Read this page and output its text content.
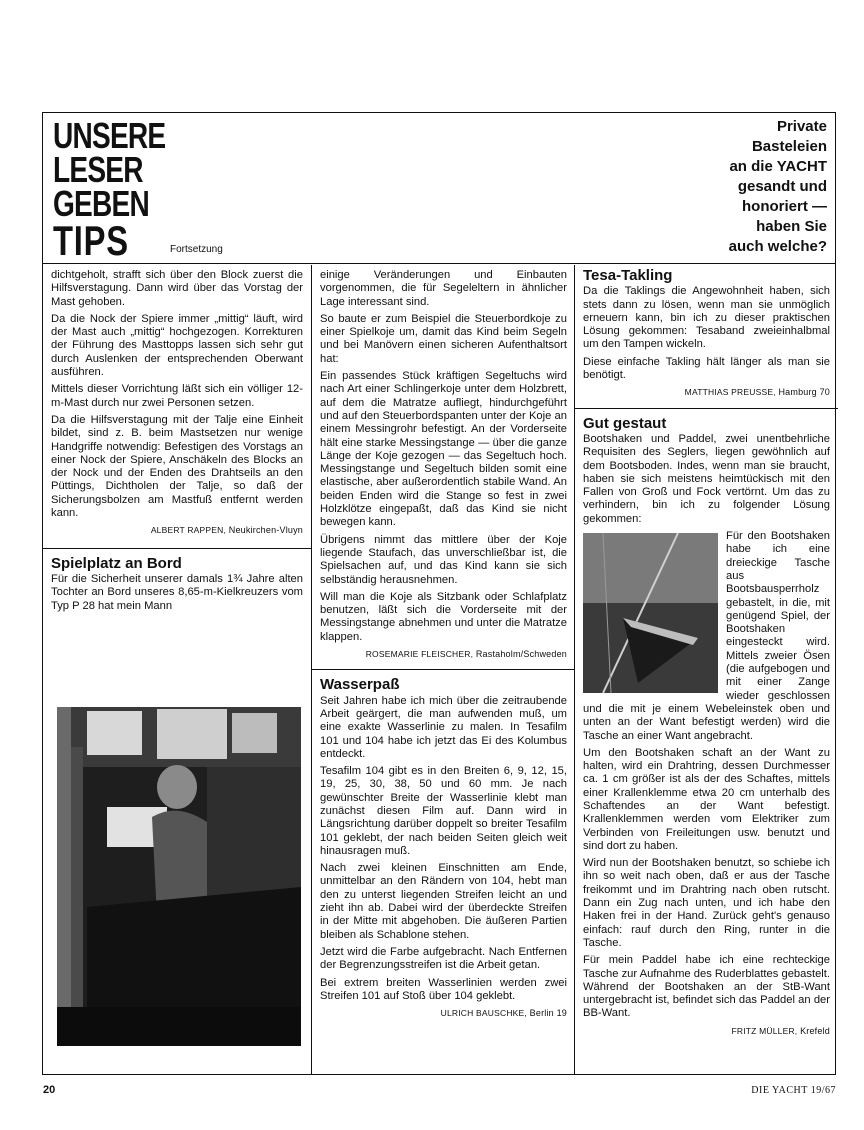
UNSERE
LESER
GEBEN
TIPS	Fortsetzung
Private
Basteleien
an die YACHT
gesandt und
honoriert —
haben Sie
auch welche?

dichtgeholt, strafft sich über den Block zuerst die Hilfsverstagung. Dann wird über das Vorstag der Mast gehoben.

Da die Nock der Spiere immer „mittig“ läuft, wird der Mast auch „mittig“ hochgezogen. Korrekturen der Führung des Masttopps lassen sich sehr gut durch Auslenken der entsprechenden Oberwant ausführen.

Mittels dieser Vorrichtung läßt sich ein völliger 12-m-Mast durch nur zwei Personen setzen.

Da die Hilfsverstagung mit der Talje eine Einheit bildet, sind z. B. beim Mastsetzen nur wenige Handgriffe notwendig: Befestigen des Vorstags an einer Nock der Spiere, Anschäkeln des Blocks an der Nock und der Enden des Drahtseils an den Püttings, Dichtholen der Talje, so daß der Sicherungsbolzen am Mastfuß entfernt werden kann.

ALBERT RAPPEN, Neukirchen-Vluyn
Spielplatz an Bord

Für die Sicherheit unserer damals 1¾ Jahre alten Tochter an Bord unseres 8,65-m-Kielkreuzers vom Typ P 28 hat mein Mann

einige Veränderungen und Einbauten vorgenommen, die für Segeleltern in ähnlicher Lage interessant sind.

So baute er zum Beispiel die Steuerbordkoje zu einer Spielkoje um, damit das Kind beim Segeln und bei Manövern einen sicheren Aufenthaltsort hat:

Ein passendes Stück kräftigen Segeltuchs wird nach Art einer Schlingerkoje unter dem Holzbrett, auf dem die Matratze aufliegt, hindurchgeführt und auf den Steuerbordspanten unter der Koje an einem Messingrohr befestigt. An der Vorderseite hält eine starke Messingstange — über die ganze Länge der Koje gezogen — das Segeltuch hoch. Messingstange und Segeltuch bilden somit eine elastische, aber außerordentlich stabile Wand. An beiden Enden wird die Stange so fest in zwei Holzklötze eingepaßt, daß das Kind sie nicht bewegen kann.

Übrigens nimmt das mittlere über der Koje liegende Staufach, das unverschließbar ist, die Spielsachen auf, und das Kind kann sie sich selbständig herausnehmen.

Will man die Koje als Sitzbank oder Schlafplatz benutzen, läßt sich die Vorderseite mit der Messingstange abnehmen und unter die Matratze klappen.

ROSEMARIE FLEISCHER, Rastaholm/Schweden
Wasserpaß

Seit Jahren habe ich mich über die zeitraubende Arbeit geärgert, die man aufwenden muß, um eine exakte Wasserlinie zu malen. In Tesafilm 101 und 104 habe ich jetzt das Ei des Kolumbus entdeckt.

Tesafilm 104 gibt es in den Breiten 6, 9, 12, 15, 19, 25, 30, 38, 50 und 60 mm. Je nach gewünschter Breite der Wasserlinie klebt man zunächst diesen Film auf. Dann wird in Längsrichtung darüber doppelt so breiter Tesafilm 101 geklebt, der nach beiden Seiten gleich weit hinausragen muß.

Nach zwei kleinen Einschnitten am Ende, unmittelbar an den Rändern von 104, hebt man den zu unterst liegenden Streifen leicht an und zieht ihn ab. Dabei wird der überdeckte Streifen in der Mitte mit abgehoben. Die äußeren Partien bleiben als Schablone stehen.

Jetzt wird die Farbe aufgebracht. Nach Entfernen der Begrenzungsstreifen ist die Arbeit getan.

Bei extrem breiten Wasserlinien werden zwei Streifen 101 auf Stoß über 104 geklebt.

ULRICH BAUSCHKE, Berlin 19
Tesa-Takling

Da die Taklings die Angewohnheit haben, sich stets dann zu lösen, wenn man sie unmöglich erneuern kann, bin ich zu dieser praktischen Lösung gekommen: Tesaband zweieinhalbmal um den Tampen wickeln.

Diese einfache Takling hält länger als man sie benötigt.

MATTHIAS PREUSSE, Hamburg 70
Gut gestaut

Bootshaken und Paddel, zwei unentbehrliche Requisiten des Seglers, liegen gewöhnlich auf dem Bootsboden. Indes, wenn man sie braucht, haben sie sich meistens heimtückisch mit den Fallen von Groß und Fock vertörnt. Um das zu verhindern, bin ich zu folgender Lösung gekommen:

Für den Bootshaken habe ich eine dreieckige Tasche aus Bootsbausperrholz gebastelt, in die, mit genügend Spiel, der Bootshaken eingesteckt wird. Mittels zweier Ösen (die aufgebogen und mit einer Zange wieder geschlossen und die mit je einem Webeleinstek oben und unten an der Want befestigt werden) wird die Tasche an einer Want angebracht.

Um den Bootshaken schaft an der Want zu halten, wird ein Drahtring, dessen Durchmesser ca. 1 cm größer ist als der des Schaftes, mittels einer Krallenklemme etwa 20 cm unterhalb des Schaftendes an der Want befestigt. Krallenklemmen werden vom Elektriker zum Verbinden von Freileitungen usw. benutzt und sind dort zu haben.

Wird nun der Bootshaken benutzt, so schiebe ich ihn so weit nach oben, daß er aus der Tasche freikommt und im Drahtring nach oben rutscht. Dann ein Zug nach unten, und ich habe den Haken frei in der Hand. Zurück geht's genauso einfach: rauf durch den Ring, runter in die Tasche.

Für mein Paddel habe ich eine rechteckige Tasche zur Aufnahme des Ruderblattes gebastelt. Während der Bootshaken an der StB-Want untergebracht ist, befindet sich das Paddel an der BB-Want.

FRITZ MÜLLER, Krefeld
20	DIE YACHT 19/67
